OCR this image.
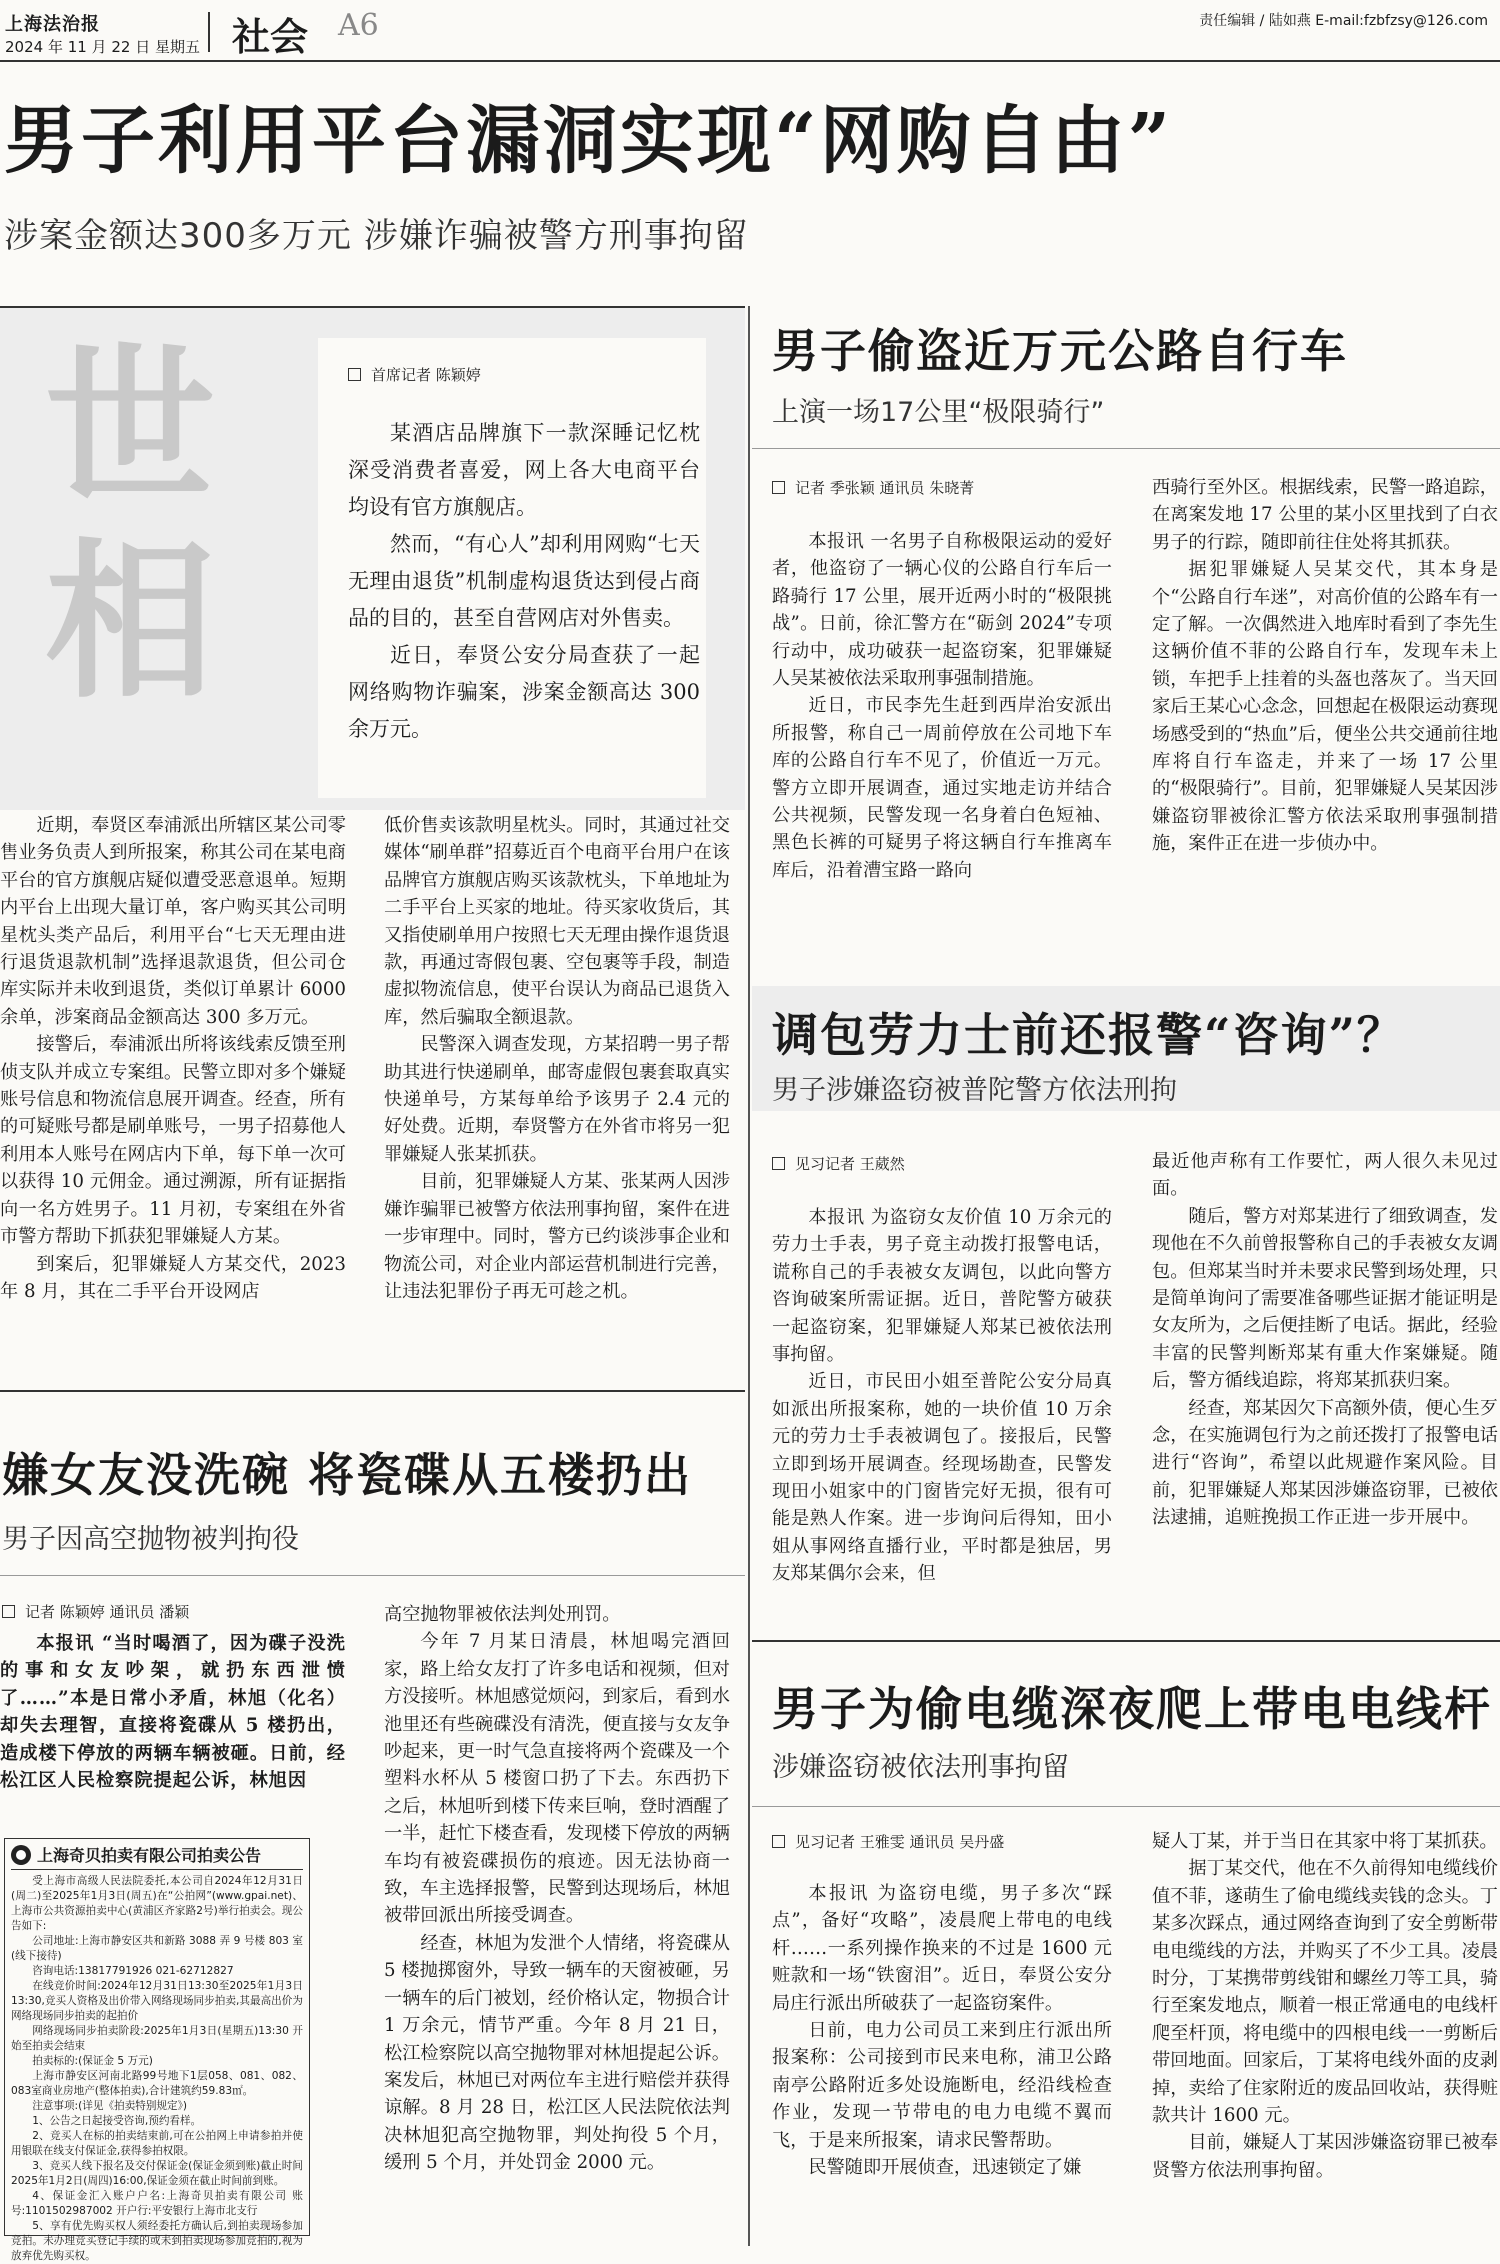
上海法治报
2024 年 11 月 22 日 星期五 社会 A6	责任编辑 / 陆如燕 E-mail:fzbfzsy@126.com
男子利用平台漏洞实现“网购自由”
涉案金额达300多万元 涉嫌诈骗被警方刑事拘留
世
相
首席记者 陈颖婷

某酒店品牌旗下一款深睡记忆枕深受消费者喜爱，网上各大电商平台均设有官方旗舰店。

然而，“有心人”却利用网购“七天无理由退货”机制虚构退货达到侵占商品的目的，甚至自营网店对外售卖。

近日，奉贤公安分局查获了一起网络购物诈骗案，涉案金额高达 300 余万元。

近期，奉贤区奉浦派出所辖区某公司零售业务负责人到所报案，称其公司在某电商平台的官方旗舰店疑似遭受恶意退单。短期内平台上出现大量订单，客户购买其公司明星枕头类产品后，利用平台“七天无理由进行退货退款机制”选择退款退货，但公司仓库实际并未收到退货，类似订单累计 6000 余单，涉案商品金额高达 300 多万元。

接警后，奉浦派出所将该线索反馈至刑侦支队并成立专案组。民警立即对多个嫌疑账号信息和物流信息展开调查。经查，所有的可疑账号都是刷单账号，一男子招募他人利用本人账号在网店内下单，每下单一次可以获得 10 元佣金。通过溯源，所有证据指向一名方姓男子。11 月初，专案组在外省市警方帮助下抓获犯罪嫌疑人方某。

到案后，犯罪嫌疑人方某交代，2023 年 8 月，其在二手平台开设网店

低价售卖该款明星枕头。同时，其通过社交媒体“刷单群”招募近百个电商平台用户在该品牌官方旗舰店购买该款枕头，下单地址为二手平台上买家的地址。待买家收货后，其又指使刷单用户按照七天无理由操作退货退款，再通过寄假包裹、空包裹等手段，制造虚拟物流信息，使平台误认为商品已退货入库，然后骗取全额退款。

民警深入调查发现，方某招聘一男子帮助其进行快递刷单，邮寄虚假包裹套取真实快递单号，方某每单给予该男子 2.4 元的好处费。近期，奉贤警方在外省市将另一犯罪嫌疑人张某抓获。

目前，犯罪嫌疑人方某、张某两人因涉嫌诈骗罪已被警方依法刑事拘留，案件在进一步审理中。同时，警方已约谈涉事企业和物流公司，对企业内部运营机制进行完善，让违法犯罪份子再无可趁之机。

嫌女友没洗碗 将瓷碟从五楼扔出
男子因高空抛物被判拘役
记者 陈颖婷 通讯员 潘颖

本报讯 “当时喝酒了，因为碟子没洗的事和女友吵架，就扔东西泄愤了……”本是日常小矛盾，林旭（化名）却失去理智，直接将瓷碟从 5 楼扔出，造成楼下停放的两辆车辆被砸。日前，经松江区人民检察院提起公诉，林旭因

高空抛物罪被依法判处刑罚。

今年 7 月某日清晨，林旭喝完酒回家，路上给女友打了许多电话和视频，但对方没接听。林旭感觉烦闷，到家后，看到水池里还有些碗碟没有清洗，便直接与女友争吵起来，更一时气急直接将两个瓷碟及一个塑料水杯从 5 楼窗口扔了下去。东西扔下之后，林旭听到楼下传来巨响，登时酒醒了一半，赶忙下楼查看，发现楼下停放的两辆车均有被瓷碟损伤的痕迹。因无法协商一致，车主选择报警，民警到达现场后，林旭被带回派出所接受调查。

经查，林旭为发泄个人情绪，将瓷碟从 5 楼抛掷窗外，导致一辆车的天窗被砸，另一辆车的后门被划，经价格认定，物损合计 1 万余元，情节严重。今年 8 月 21 日，松江检察院以高空抛物罪对林旭提起公诉。案发后，林旭已对两位车主进行赔偿并获得谅解。8 月 28 日，松江区人民法院依法判决林旭犯高空抛物罪，判处拘役 5 个月，缓刑 5 个月，并处罚金 2000 元。

上海奇贝拍卖有限公司拍卖公告
受上海市高级人民法院委托,本公司自2024年12月31日(周二)至2025年1月3日(周五)在“公拍网”(www.gpai.net)、上海市公共资源拍卖中心(黄浦区齐家路2号)举行拍卖会。现公告如下:
公司地址:上海市静安区共和新路 3088 弄 9 号楼 803 室(线下接待)
咨询电话:13817791926 021-62712827
在线竞价时间:2024年12月31日13:30至2025年1月3日13:30,竞买人资格及出价带入网络现场同步拍卖,其最高出价为网络现场同步拍卖的起拍价
网络现场同步拍卖阶段:2025年1月3日(星期五)13:30 开始至拍卖会结束
拍卖标的:(保证金 5 万元)
上海市静安区河南北路99号地下1层058、081、082、083室商业房地产(整体拍卖),合计建筑约59.83㎡。
注意事项:(详见《拍卖特别规定》)
1、公告之日起接受咨询,预约看样。
2、竞买人在标的拍卖结束前,可在公拍网上申请参拍并使用银联在线支付保证金,获得参拍权限。
3、竞买人线下报名及交付保证金(保证金须到账)截止时间2025年1月2日(周四)16:00,保证金须在截止时间前到账。
4、保证金汇入账户户名:上海奇贝拍卖有限公司 账号:1101502987002 开户行:平安银行上海市北支行
5、享有优先购买权人须经委托方确认后,到拍卖现场参加竞拍。未办理竞买登记手续的或未到拍卖现场参加竞拍的,视为放弃优先购买权。
男子偷盗近万元公路自行车
上演一场17公里“极限骑行”
记者 季张颖 通讯员 朱晓菁

本报讯 一名男子自称极限运动的爱好者，他盗窃了一辆心仪的公路自行车后一路骑行 17 公里，展开近两小时的“极限挑战”。日前，徐汇警方在“砺剑 2024”专项行动中，成功破获一起盗窃案，犯罪嫌疑人吴某被依法采取刑事强制措施。

近日，市民李先生赶到西岸治安派出所报警，称自己一周前停放在公司地下车库的公路自行车不见了，价值近一万元。警方立即开展调查，通过实地走访并结合公共视频，民警发现一名身着白色短袖、黑色长裤的可疑男子将这辆自行车推离车库后，沿着漕宝路一路向

西骑行至外区。根据线索，民警一路追踪，在离案发地 17 公里的某小区里找到了白衣男子的行踪，随即前往住处将其抓获。

据犯罪嫌疑人吴某交代，其本身是个“公路自行车迷”，对高价值的公路车有一定了解。一次偶然进入地库时看到了李先生这辆价值不菲的公路自行车，发现车未上锁，车把手上挂着的头盔也落灰了。当天回家后王某心心念念，回想起在极限运动赛现场感受到的“热血”后，便坐公共交通前往地库将自行车盗走，并来了一场 17 公里的“极限骑行”。目前，犯罪嫌疑人吴某因涉嫌盗窃罪被徐汇警方依法采取刑事强制措施，案件正在进一步侦办中。

调包劳力士前还报警“咨询”？
男子涉嫌盗窃被普陀警方依法刑拘
见习记者 王葳然

本报讯 为盗窃女友价值 10 万余元的劳力士手表，男子竟主动拨打报警电话，谎称自己的手表被女友调包，以此向警方咨询破案所需证据。近日，普陀警方破获一起盗窃案，犯罪嫌疑人郑某已被依法刑事拘留。

近日，市民田小姐至普陀公安分局真如派出所报案称，她的一块价值 10 万余元的劳力士手表被调包了。接报后，民警立即到场开展调查。经现场勘查，民警发现田小姐家中的门窗皆完好无损，很有可能是熟人作案。进一步询问后得知，田小姐从事网络直播行业，平时都是独居，男友郑某偶尔会来，但

最近他声称有工作要忙，两人很久未见过面。

随后，警方对郑某进行了细致调查，发现他在不久前曾报警称自己的手表被女友调包。但郑某当时并未要求民警到场处理，只是简单询问了需要准备哪些证据才能证明是女友所为，之后便挂断了电话。据此，经验丰富的民警判断郑某有重大作案嫌疑。随后，警方循线追踪，将郑某抓获归案。

经查，郑某因欠下高额外债，便心生歹念，在实施调包行为之前还拨打了报警电话进行“咨询”，希望以此规避作案风险。目前，犯罪嫌疑人郑某因涉嫌盗窃罪，已被依法逮捕，追赃挽损工作正进一步开展中。

男子为偷电缆深夜爬上带电电线杆
涉嫌盗窃被依法刑事拘留
见习记者 王雅雯 通讯员 吴丹盛

本报讯 为盗窃电缆，男子多次“踩点”，备好“攻略”，凌晨爬上带电的电线杆……一系列操作换来的不过是 1600 元赃款和一场“铁窗泪”。近日，奉贤公安分局庄行派出所破获了一起盗窃案件。

日前，电力公司员工来到庄行派出所报案称：公司接到市民来电称，浦卫公路南亭公路附近多处设施断电，经沿线检查作业，发现一节带电的电力电缆不翼而飞，于是来所报案，请求民警帮助。

民警随即开展侦查，迅速锁定了嫌

疑人丁某，并于当日在其家中将丁某抓获。

据丁某交代，他在不久前得知电缆线价值不菲，遂萌生了偷电缆线卖钱的念头。丁某多次踩点，通过网络查询到了安全剪断带电电缆线的方法，并购买了不少工具。凌晨时分，丁某携带剪线钳和螺丝刀等工具，骑行至案发地点，顺着一根正常通电的电线杆爬至杆顶，将电缆中的四根电线一一剪断后带回地面。回家后，丁某将电线外面的皮剥掉，卖给了住家附近的废品回收站，获得赃款共计 1600 元。

目前，嫌疑人丁某因涉嫌盗窃罪已被奉贤警方依法刑事拘留。
